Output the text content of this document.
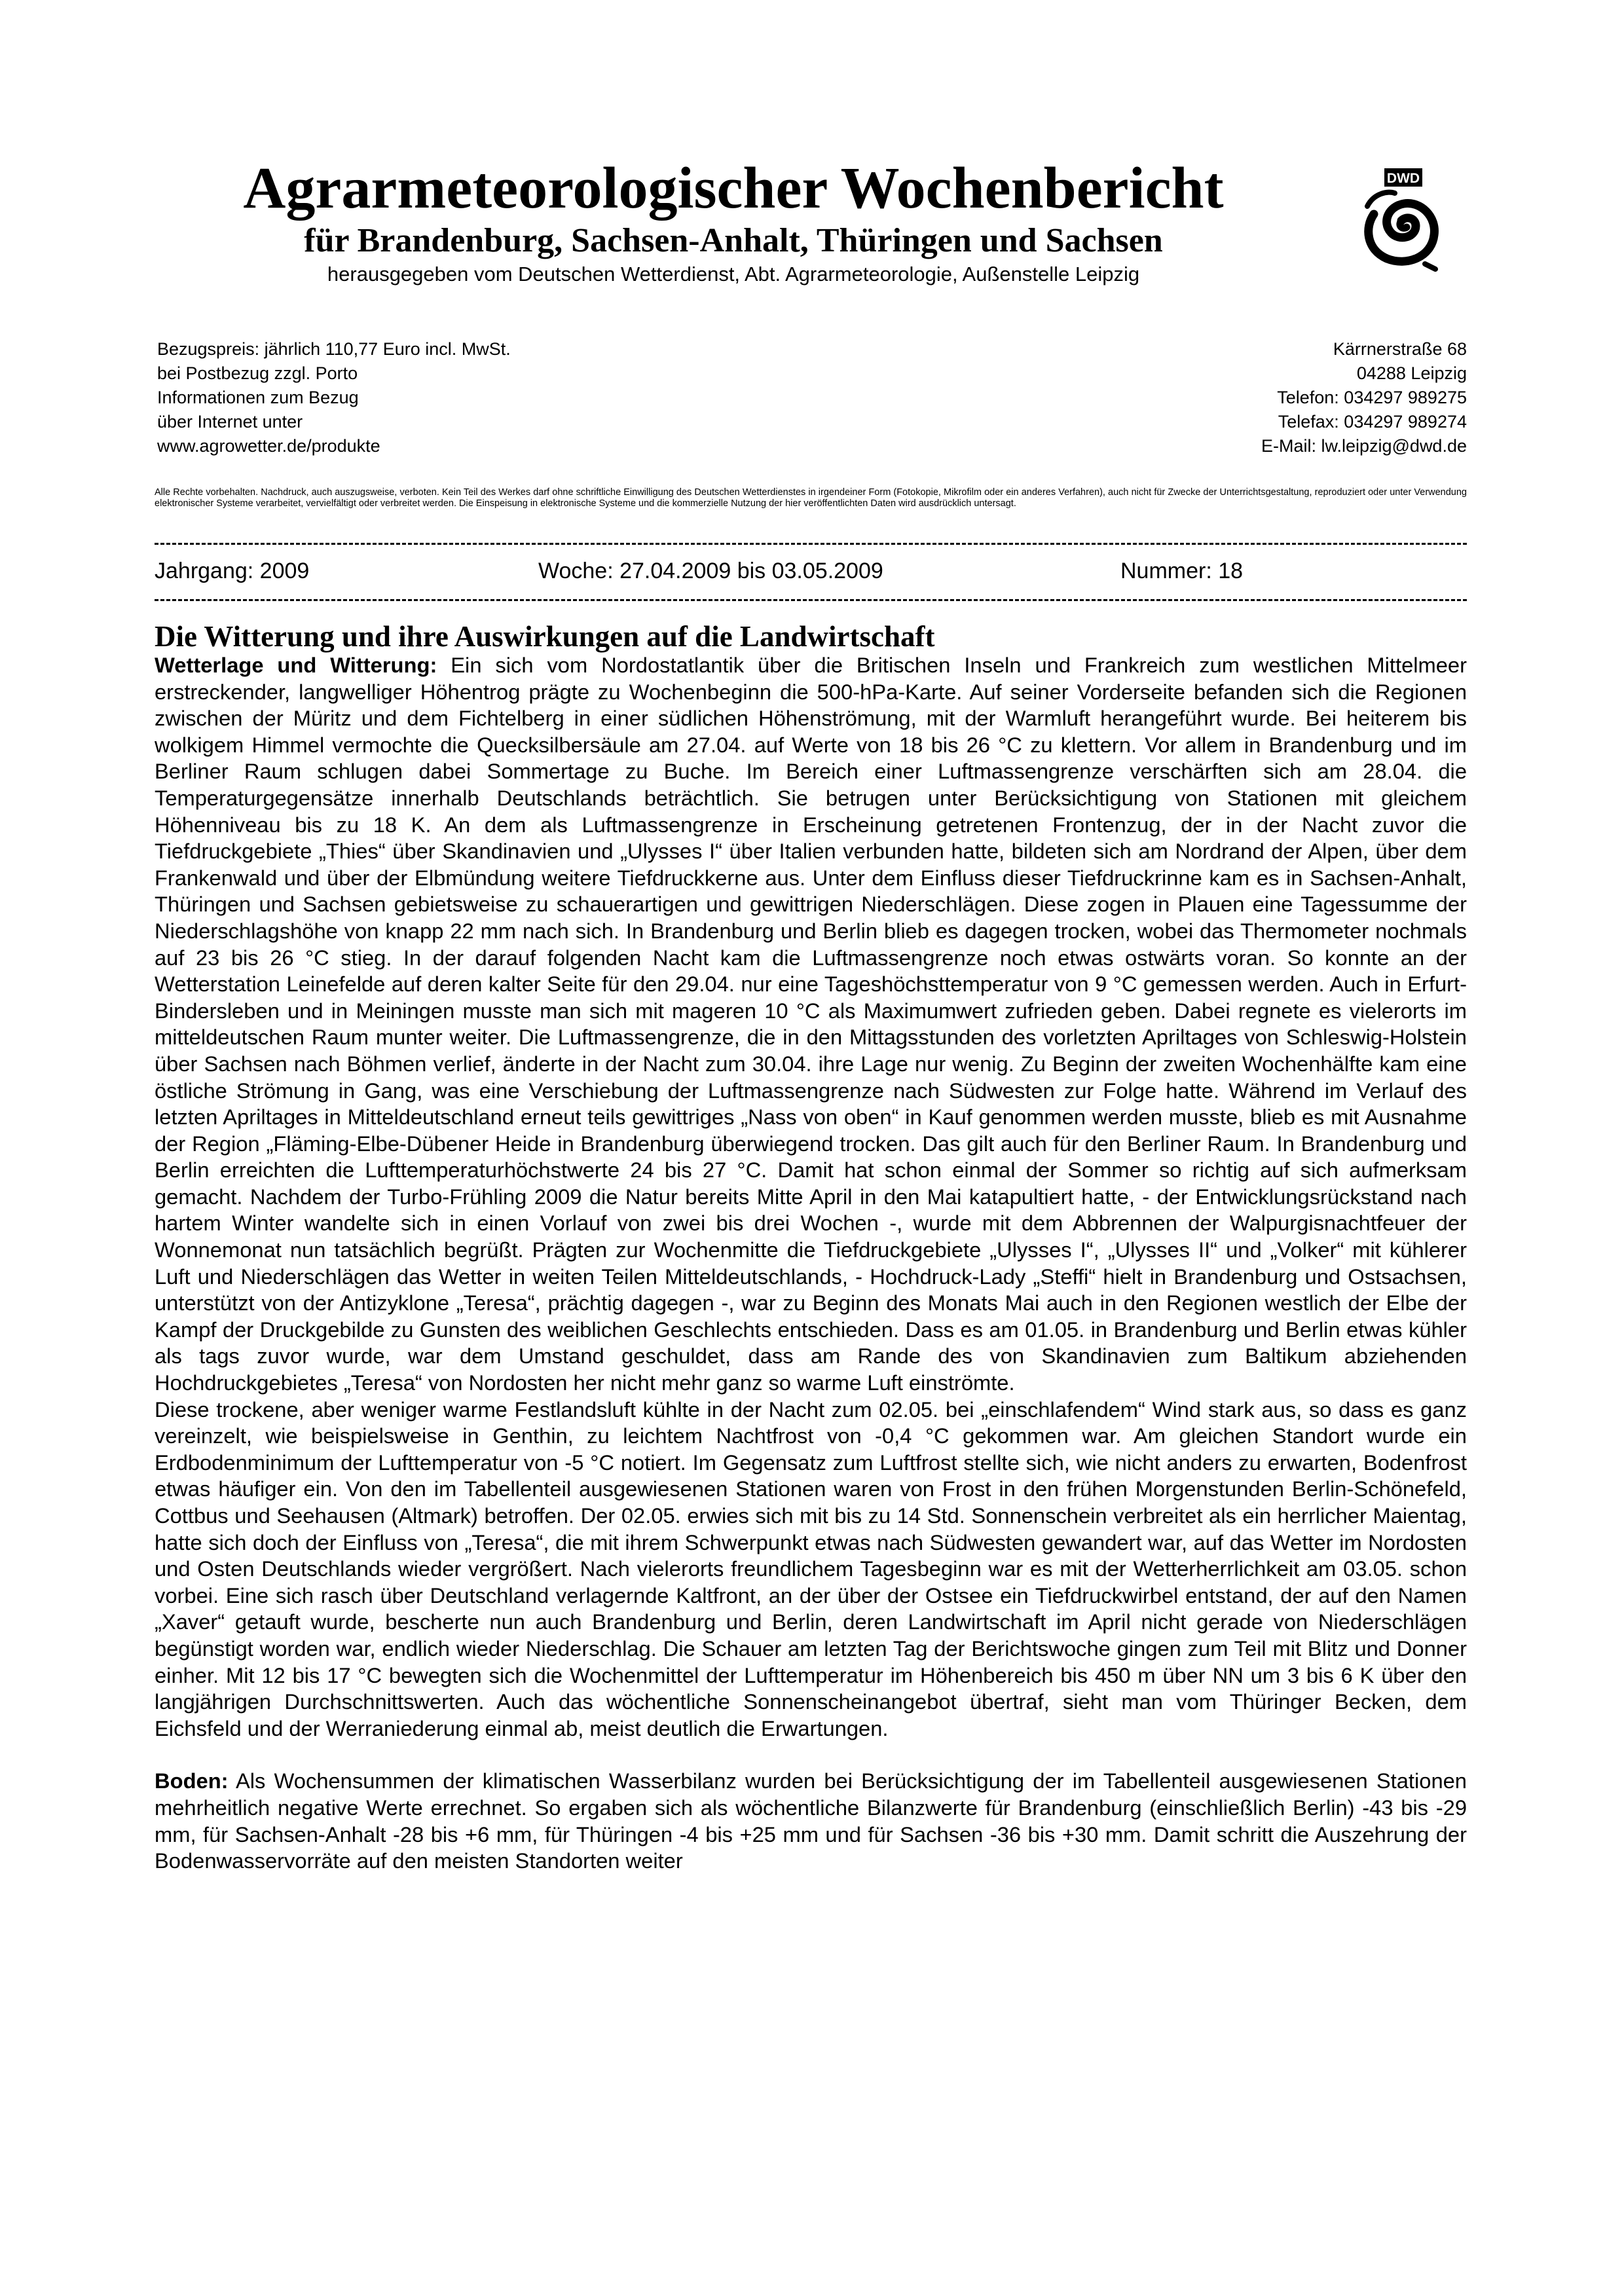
Agrarmeteorologischer Wochenbericht
für Brandenburg, Sachsen-Anhalt, Thüringen und Sachsen
herausgegeben vom Deutschen Wetterdienst, Abt. Agrarmeteorologie, Außenstelle Leipzig
DWD
Bezugspreis: jährlich 110,77 Euro incl. MwSt.
bei Postbezug zzgl. Porto
Informationen zum Bezug
über Internet unter
www.agrowetter.de/produkte
Kärrnerstraße 68
04288 Leipzig
Telefon: 034297 989275
Telefax: 034297 989274
E-Mail: lw.leipzig@dwd.de
Alle Rechte vorbehalten. Nachdruck, auch auszugsweise, verboten. Kein Teil des Werkes darf ohne schriftliche Einwilligung des Deutschen Wetterdienstes in irgendeiner Form (Fotokopie, Mikrofilm oder ein anderes Verfahren), auch nicht für Zwecke der Unterrichtsgestaltung, reproduziert oder unter Verwendung elektronischer Systeme verarbeitet, vervielfältigt oder verbreitet werden. Die Einspeisung in elektronische Systeme und die kommerzielle Nutzung der hier veröffentlichten Daten wird ausdrücklich untersagt.
Jahrgang: 2009	Woche: 27.04.2009 bis 03.05.2009	Nummer: 18
Die Witterung und ihre Auswirkungen auf die Landwirtschaft

Wetterlage und Witterung: Ein sich vom Nordostatlantik über die Britischen Inseln und Frankreich zum westlichen Mittelmeer erstreckender, langwelliger Höhentrog prägte zu Wochenbeginn die 500-hPa-Karte. Auf seiner Vorderseite befanden sich die Regionen zwischen der Müritz und dem Fichtelberg in einer südlichen Höhenströmung, mit der Warmluft herangeführt wurde. Bei heiterem bis wolkigem Himmel vermochte die Quecksilbersäule am 27.04. auf Werte von 18 bis 26 °C zu klettern. Vor allem in Brandenburg und im Berliner Raum schlugen dabei Sommertage zu Buche. Im Bereich einer Luftmassengrenze verschärften sich am 28.04. die Temperaturgegensätze innerhalb Deutschlands beträchtlich. Sie betrugen unter Berücksichtigung von Stationen mit gleichem Höhenniveau bis zu 18 K. An dem als Luftmassengrenze in Erscheinung getretenen Frontenzug, der in der Nacht zuvor die Tiefdruckgebiete „Thies“ über Skandinavien und „Ulysses I“ über Italien verbunden hatte, bildeten sich am Nordrand der Alpen, über dem Frankenwald und über der Elbmündung weitere Tiefdruckkerne aus. Unter dem Einfluss dieser Tiefdruckrinne kam es in Sachsen-Anhalt, Thüringen und Sachsen gebietsweise zu schauerartigen und gewittrigen Niederschlägen. Diese zogen in Plauen eine Tagessumme der Niederschlagshöhe von knapp 22 mm nach sich. In Brandenburg und Berlin blieb es dagegen trocken, wobei das Thermometer nochmals auf 23 bis 26 °C stieg. In der darauf folgenden Nacht kam die Luftmassengrenze noch etwas ostwärts voran. So konnte an der Wetterstation Leinefelde auf deren kalter Seite für den 29.04. nur eine Tageshöchsttemperatur von 9 °C gemessen werden. Auch in Erfurt-Bindersleben und in Meiningen musste man sich mit mageren 10 °C als Maximumwert zufrieden geben. Dabei regnete es vielerorts im mitteldeutschen Raum munter weiter. Die Luftmassengrenze, die in den Mittagsstunden des vorletzten Apriltages von Schleswig-Holstein über Sachsen nach Böhmen verlief, änderte in der Nacht zum 30.04. ihre Lage nur wenig. Zu Beginn der zweiten Wochenhälfte kam eine östliche Strömung in Gang, was eine Verschiebung der Luftmassengrenze nach Südwesten zur Folge hatte. Während im Verlauf des letzten Apriltages in Mitteldeutschland erneut teils gewittriges „Nass von oben“ in Kauf genommen werden musste, blieb es mit Ausnahme der Region „Fläming-Elbe-Dübener Heide in Brandenburg überwiegend trocken. Das gilt auch für den Berliner Raum. In Brandenburg und Berlin erreichten die Lufttemperaturhöchstwerte 24 bis 27 °C. Damit hat schon einmal der Sommer so richtig auf sich aufmerksam gemacht. Nachdem der Turbo-Frühling 2009 die Natur bereits Mitte April in den Mai katapultiert hatte, - der Entwicklungsrückstand nach hartem Winter wandelte sich in einen Vorlauf von zwei bis drei Wochen -, wurde mit dem Abbrennen der Walpurgisnachtfeuer der Wonnemonat nun tatsächlich begrüßt. Prägten zur Wochenmitte die Tiefdruckgebiete „Ulysses I“, „Ulysses II“ und „Volker“ mit kühlerer Luft und Niederschlägen das Wetter in weiten Teilen Mitteldeutschlands, - Hochdruck-Lady „Steffi“ hielt in Brandenburg und Ostsachsen, unterstützt von der Antizyklone „Teresa“, prächtig dagegen -, war zu Beginn des Monats Mai auch in den Regionen westlich der Elbe der Kampf der Druckgebilde zu Gunsten des weiblichen Geschlechts entschieden. Dass es am 01.05. in Brandenburg und Berlin etwas kühler als tags zuvor wurde, war dem Umstand geschuldet, dass am Rande des von Skandinavien zum Baltikum abziehenden Hochdruckgebietes „Teresa“ von Nordosten her nicht mehr ganz so warme Luft einströmte.

Diese trockene, aber weniger warme Festlandsluft kühlte in der Nacht zum 02.05. bei „einschlafendem“ Wind stark aus, so dass es ganz vereinzelt, wie beispielsweise in Genthin, zu leichtem Nachtfrost von -0,4 °C gekommen war. Am gleichen Standort wurde ein Erdbodenminimum der Lufttemperatur von -5 °C notiert. Im Gegensatz zum Luftfrost stellte sich, wie nicht anders zu erwarten, Bodenfrost etwas häufiger ein. Von den im Tabellenteil ausgewiesenen Stationen waren von Frost in den frühen Morgenstunden Berlin-Schönefeld, Cottbus und Seehausen (Altmark) betroffen. Der 02.05. erwies sich mit bis zu 14 Std. Sonnenschein verbreitet als ein herrlicher Maientag, hatte sich doch der Einfluss von „Teresa“, die mit ihrem Schwerpunkt etwas nach Südwesten gewandert war, auf das Wetter im Nordosten und Osten Deutschlands wieder vergrößert. Nach vielerorts freundlichem Tagesbeginn war es mit der Wetterherrlichkeit am 03.05. schon vorbei. Eine sich rasch über Deutschland verlagernde Kaltfront, an der über der Ostsee ein Tiefdruckwirbel entstand, der auf den Namen „Xaver“ getauft wurde, bescherte nun auch Brandenburg und Berlin, deren Landwirtschaft im April nicht gerade von Niederschlägen begünstigt worden war, endlich wieder Niederschlag. Die Schauer am letzten Tag der Berichtswoche gingen zum Teil mit Blitz und Donner einher. Mit 12 bis 17 °C bewegten sich die Wochenmittel der Lufttemperatur im Höhenbereich bis 450 m über NN um 3 bis 6 K über den langjährigen Durchschnittswerten. Auch das wöchentliche Sonnenscheinangebot übertraf, sieht man vom Thüringer Becken, dem Eichsfeld und der Werraniederung einmal ab, meist deutlich die Erwartungen.

Boden: Als Wochensummen der klimatischen Wasserbilanz wurden bei Berücksichtigung der im Tabellenteil ausgewiesenen Stationen mehrheitlich negative Werte errechnet. So ergaben sich als wöchentliche Bilanzwerte für Brandenburg (einschließlich Berlin) -43 bis -29 mm, für Sachsen-Anhalt -28 bis +6 mm, für Thüringen -4 bis +25 mm und für Sachsen -36 bis +30 mm. Damit schritt die Auszehrung der Bodenwasservorräte auf den meisten Standorten weiter
